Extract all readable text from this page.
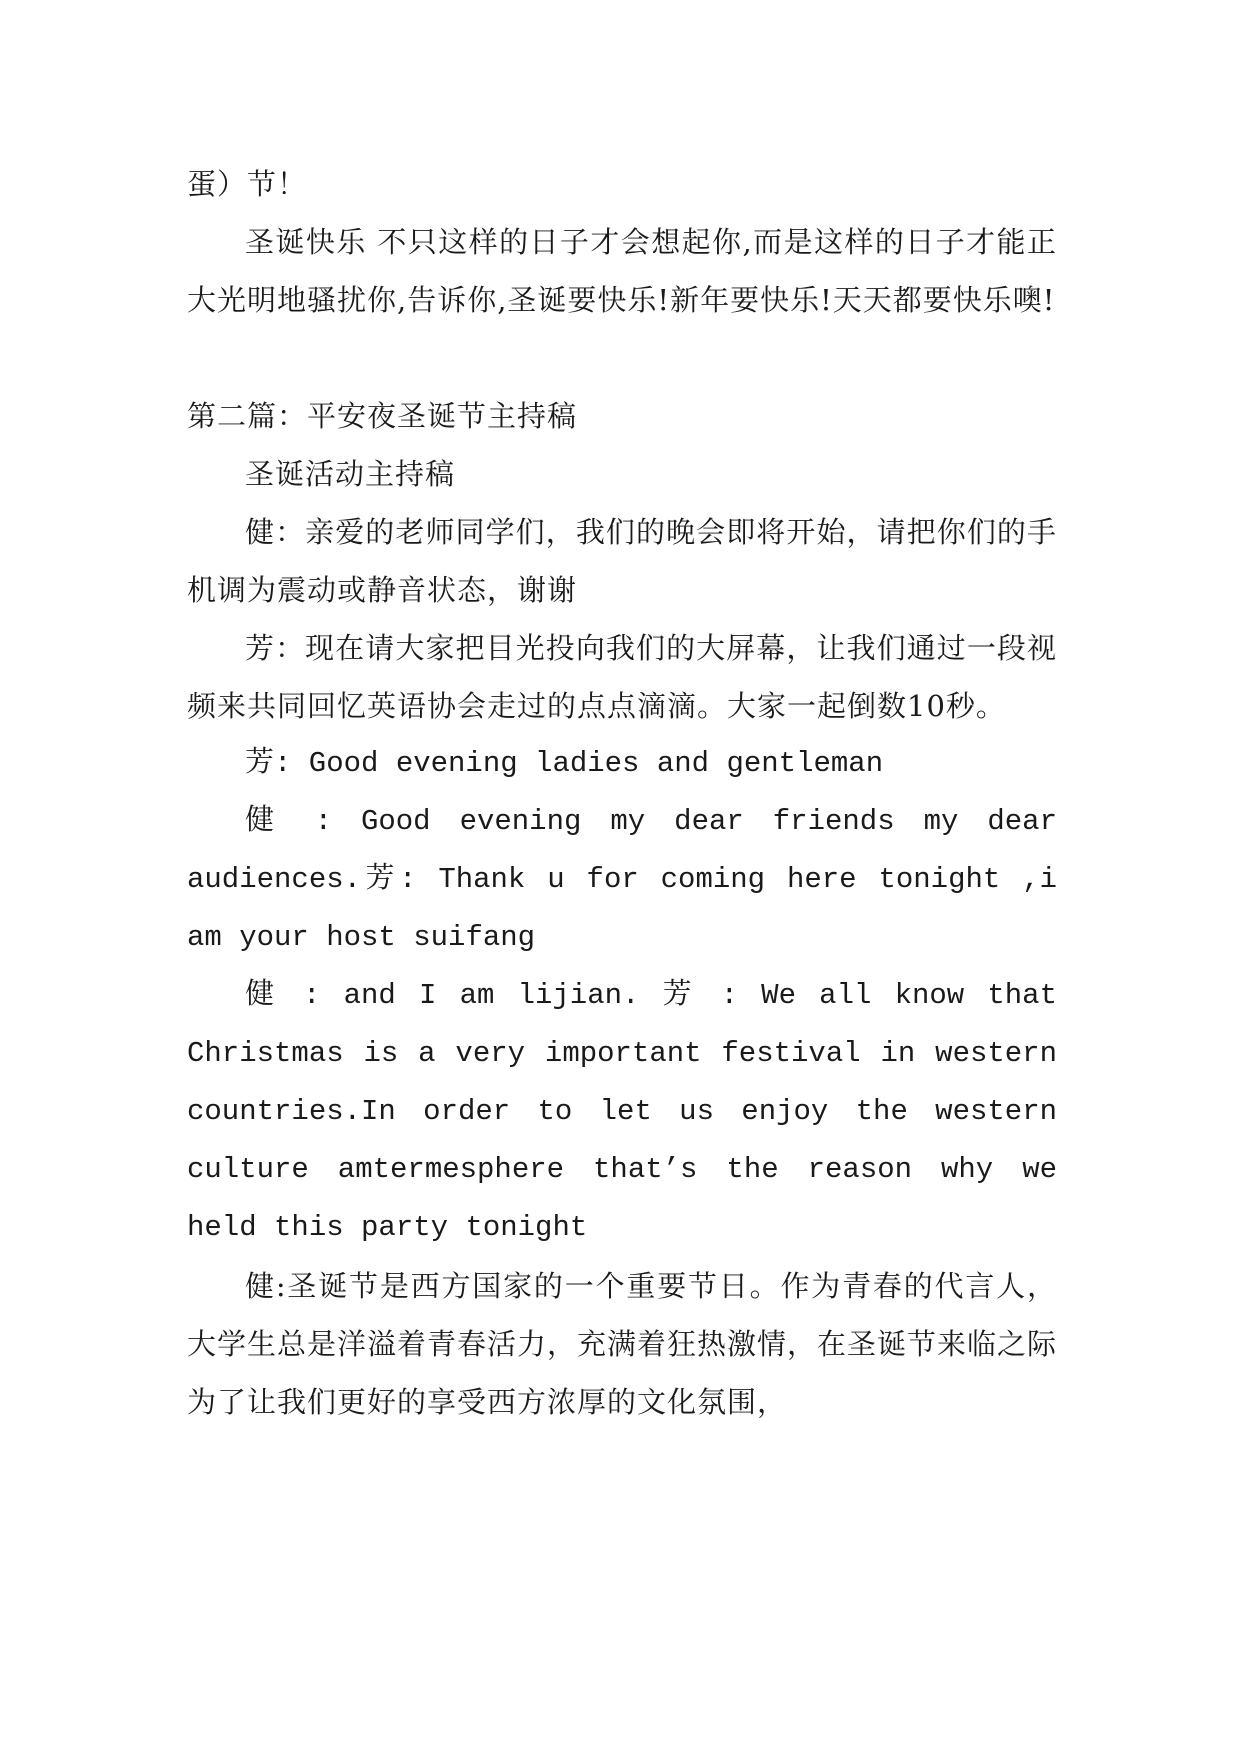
蛋）节！

圣诞快乐 不只这样的日子才会想起你,而是这样的日子才能正大光明地骚扰你,告诉你,圣诞要快乐!新年要快乐!天天都要快乐噢!

第二篇：平安夜圣诞节主持稿

圣诞活动主持稿

健：亲爱的老师同学们，我们的晚会即将开始，请把你们的手机调为震动或静音状态，谢谢

芳：现在请大家把目光投向我们的大屏幕，让我们通过一段视频来共同回忆英语协会走过的点点滴滴。大家一起倒数10秒。

芳: Good evening ladies and gentleman

健 : Good evening my dear friends my dear audiences.芳: Thank u for coming here tonight ,i am your host suifang

健 : and I am lijian. 芳 : We all know that Christmas is a very important festival in western countries.In order to let us enjoy the western culture amtermesphere that’s the reason why we held this party tonight

健:圣诞节是西方国家的一个重要节日。作为青春的代言人，大学生总是洋溢着青春活力，充满着狂热激情，在圣诞节来临之际为了让我们更好的享受西方浓厚的文化氛围，
